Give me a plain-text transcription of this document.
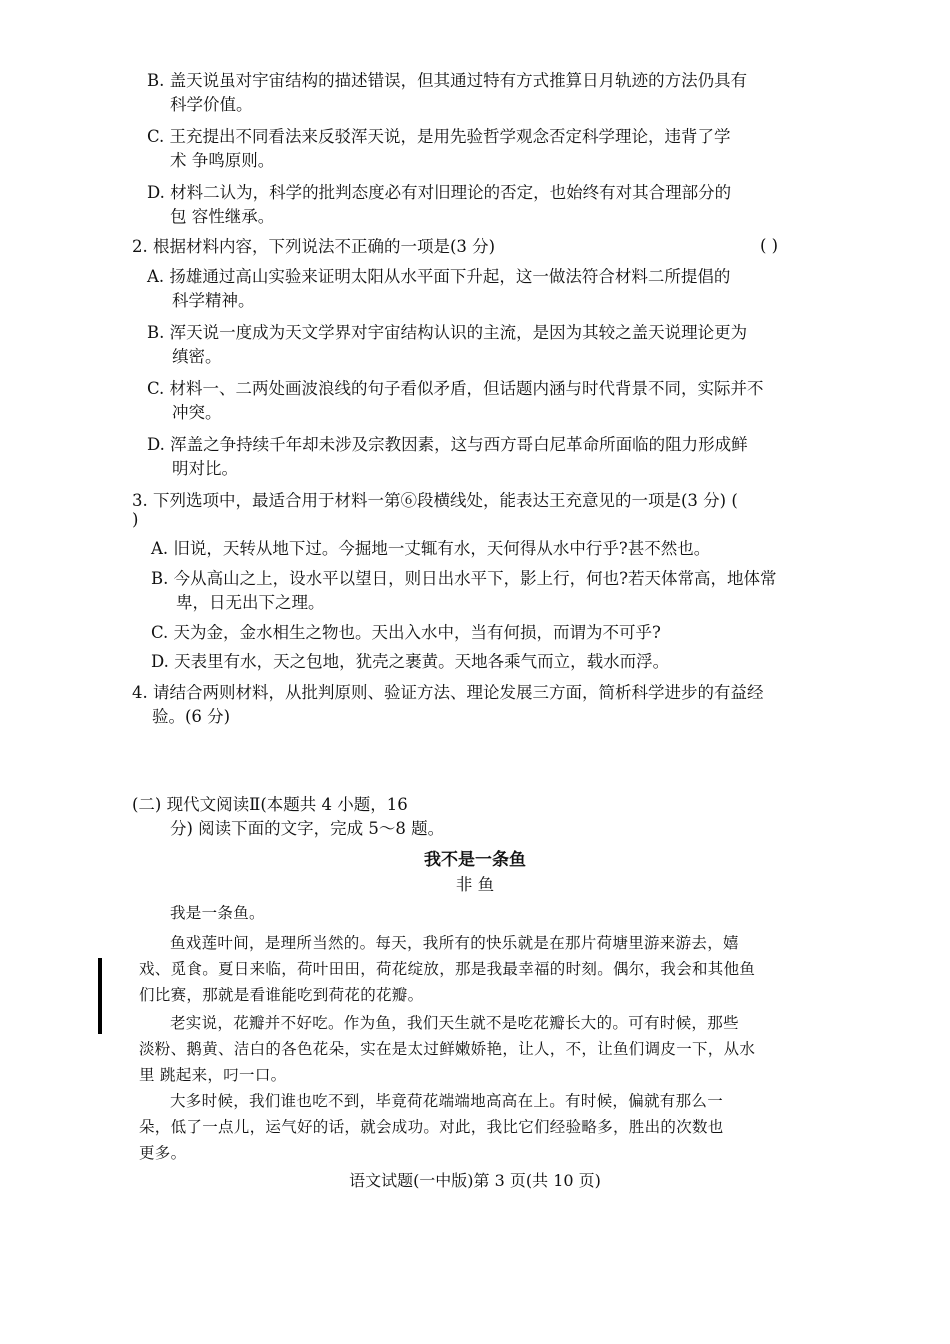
B. 盖天说虽对宇宙结构的描述错误，但其通过特有方式推算日月轨迹的方法仍具有
科学价值。
C. 王充提出不同看法来反驳浑天说，是用先验哲学观念否定科学理论，违背了学
术 争鸣原则。
D. 材料二认为，科学的批判态度必有对旧理论的否定，也始终有对其合理部分的
包 容性继承。
2. 根据材料内容，下列说法不正确的一项是(3 分)	( )
A. 扬雄通过高山实验来证明太阳从水平面下升起，这一做法符合材料二所提倡的
科学精神。
B. 浑天说一度成为天文学界对宇宙结构认识的主流，是因为其较之盖天说理论更为
缜密。
C. 材料一、二两处画波浪线的句子看似矛盾，但话题内涵与时代背景不同，实际并不
冲突。
D. 浑盖之争持续千年却未涉及宗教因素，这与西方哥白尼革命所面临的阻力形成鲜
明对比。
3. 下列选项中，最适合用于材料一第⑥段横线处，能表达王充意见的一项是(3 分) (
)
A. 旧说，天转从地下过。今掘地一丈辄有水，天何得从水中行乎?甚不然也。
B. 今从高山之上，设水平以望日，则日出水平下，影上行，何也?若天体常高，地体常
卑，日无出下之理。
C. 天为金，金水相生之物也。天出入水中，当有何损，而谓为不可乎?
D. 天表里有水，天之包地，犹壳之裹黄。天地各乘气而立，载水而浮。
4. 请结合两则材料，从批判原则、验证方法、理论发展三方面，简析科学进步的有益经
验。(6 分)
(二) 现代文阅读Ⅱ(本题共 4 小题，16
分) 阅读下面的文字，完成 5～8 题。
我不是一条鱼
非 鱼
我是一条鱼。
鱼戏莲叶间，是理所当然的。每天，我所有的快乐就是在那片荷塘里游来游去，嬉
戏、觅食。夏日来临，荷叶田田，荷花绽放，那是我最幸福的时刻。偶尔，我会和其他鱼
们比赛，那就是看谁能吃到荷花的花瓣。
老实说，花瓣并不好吃。作为鱼，我们天生就不是吃花瓣长大的。可有时候，那些
淡粉、鹅黄、洁白的各色花朵，实在是太过鲜嫩娇艳，让人，不，让鱼们调皮一下，从水
里 跳起来，叼一口。
大多时候，我们谁也吃不到，毕竟荷花端端地高高在上。有时候，偏就有那么一
朵，低了一点儿，运气好的话，就会成功。对此，我比它们经验略多，胜出的次数也
更多。
语文试题(一中版)第 3 页(共 10 页)
